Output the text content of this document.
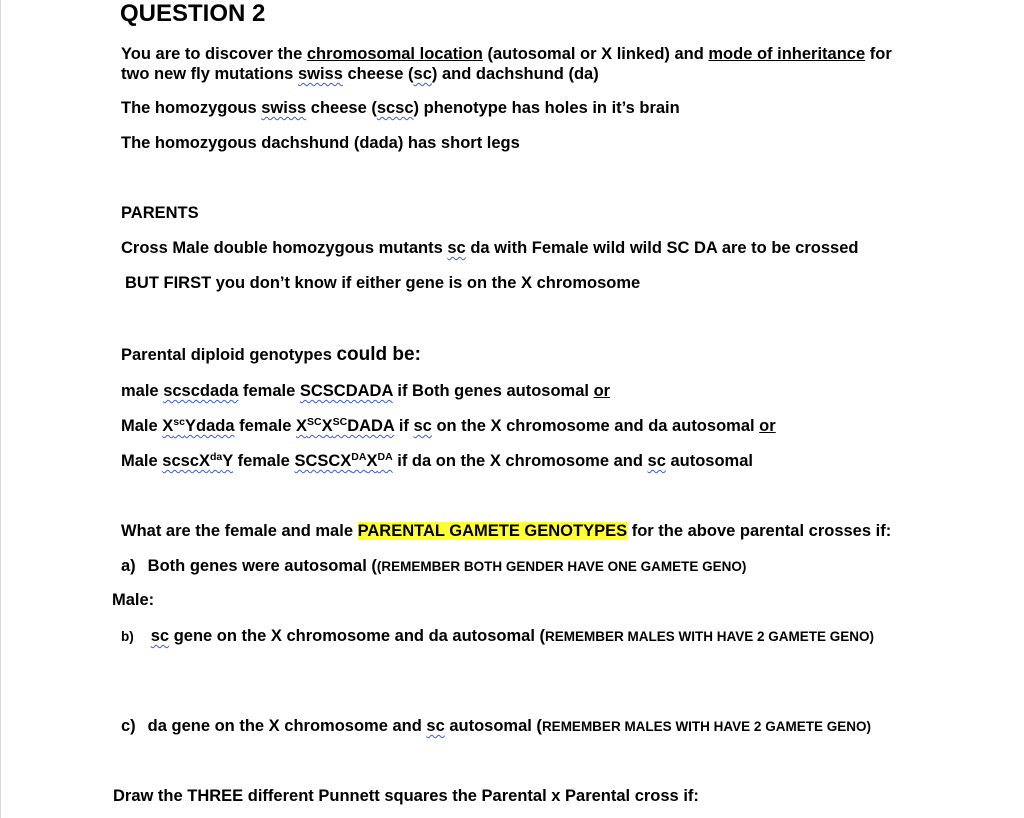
QUESTION 2
You are to discover the chromosomal location (autosomal or X linked) and mode of inheritance for
two new fly mutations swiss cheese (sc) and dachshund (da)
The homozygous swiss cheese (scsc) phenotype has holes in it’s brain
The homozygous dachshund (dada) has short legs
PARENTS
Cross Male double homozygous mutants sc da with Female wild wild SC DA are to be crossed
BUT FIRST you don’t know if either gene is on the X chromosome
Parental diploid genotypes could be:
male scscdada female SCSCDADA if Both genes autosomal or
Male $X^{sc}Ydada$ female $X^{SC}X^{SC}DADA$ if sc on the X chromosome and da autosomal or
Male scscX$^{da}$Y female $SCSCX^{DA}X^{DA}$ if da on the X chromosome and sc autosomal
What are the female and male PARENTAL GAMETE GENOTYPES for the above parental crosses if:
a) Both genes were autosomal ((REMEMBER BOTH GENDER HAVE ONE GAMETE GENO)
Male:
b) sc gene on the X chromosome and da autosomal (REMEMBER MALES WITH HAVE 2 GAMETE GENO)
c) da gene on the X chromosome and sc autosomal (REMEMBER MALES WITH HAVE 2 GAMETE GENO)
Draw the THREE different Punnett squares the Parental x Parental cross if:
